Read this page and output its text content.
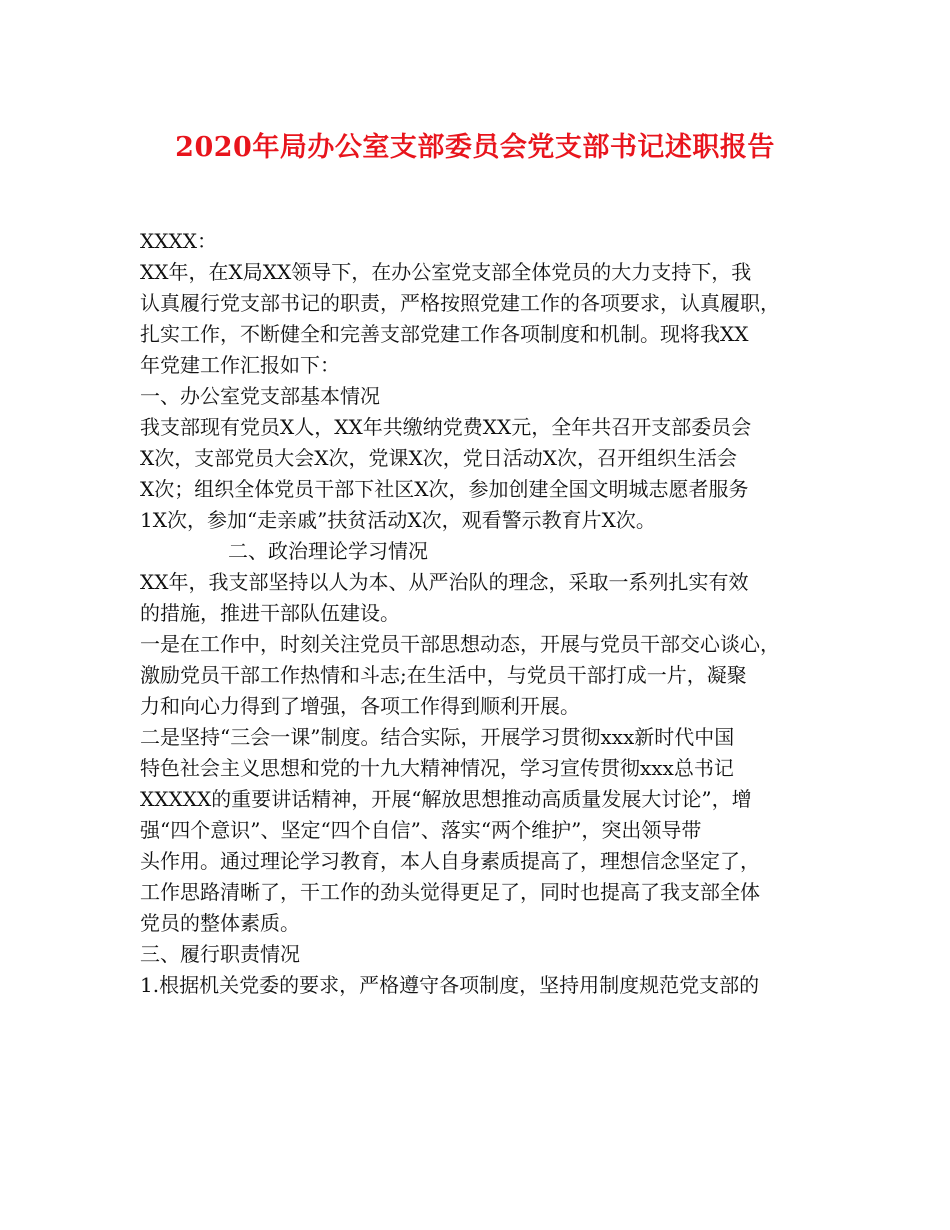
2020年局办公室支部委员会党支部书记述职报告

XXXX：

XX年，在X局XX领导下，在办公室党支部全体党员的大力支持下，我

认真履行党支部书记的职责，严格按照党建工作的各项要求，认真履职，

扎实工作，不断健全和完善支部党建工作各项制度和机制。现将我XX

年党建工作汇报如下：

一、办公室党支部基本情况

我支部现有党员X人，XX年共缴纳党费XX元，全年共召开支部委员会

X次，支部党员大会X次，党课X次，党日活动X次，召开组织生活会

X次；组织全体党员干部下社区X次，参加创建全国文明城志愿者服务

1X次，参加“走亲戚”扶贫活动X次，观看警示教育片X次。

二、政治理论学习情况

XX年，我支部坚持以人为本、从严治队的理念，采取一系列扎实有效

的措施，推进干部队伍建设。

一是在工作中，时刻关注党员干部思想动态，开展与党员干部交心谈心，

激励党员干部工作热情和斗志;在生活中，与党员干部打成一片，凝聚

力和向心力得到了增强，各项工作得到顺利开展。

二是坚持“三会一课”制度。结合实际，开展学习贯彻xxx新时代中国

特色社会主义思想和党的十九大精神情况，学习宣传贯彻xxx总书记

XXXXX的重要讲话精神，开展“解放思想推动高质量发展大讨论”，增

强“四个意识”、坚定“四个自信”、落实“两个维护”，突出领导带

头作用。通过理论学习教育，本人自身素质提高了，理想信念坚定了，

工作思路清晰了，干工作的劲头觉得更足了，同时也提高了我支部全体

党员的整体素质。

三、履行职责情况

1.根据机关党委的要求，严格遵守各项制度，坚持用制度规范党支部的
